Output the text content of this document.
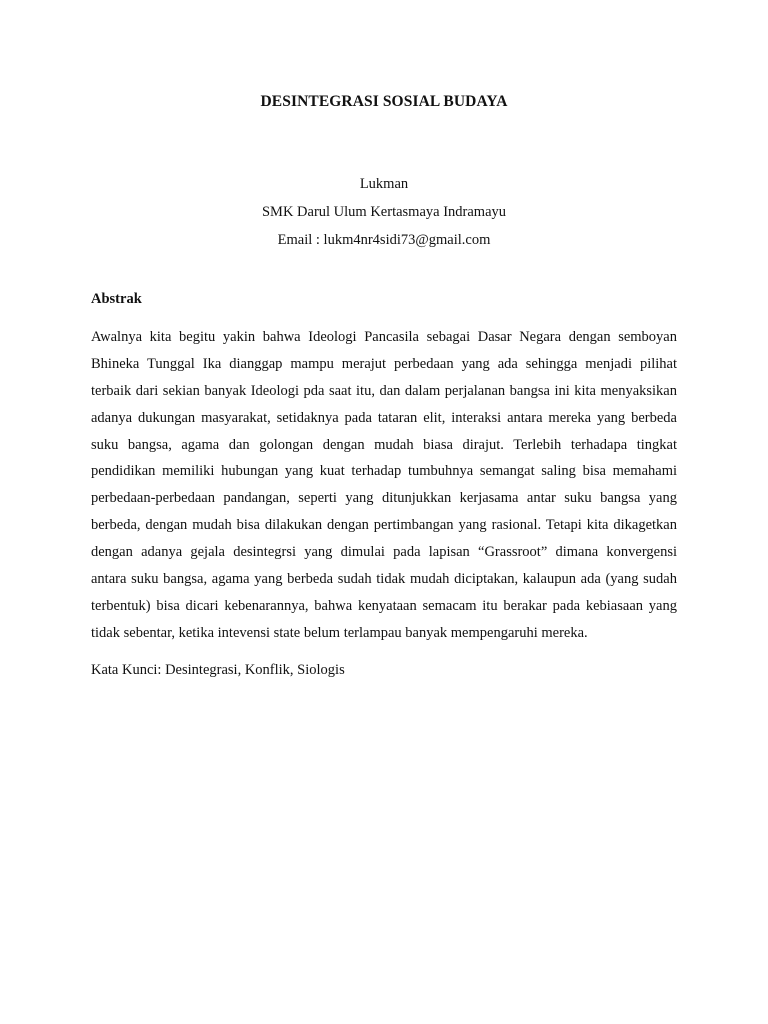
DESINTEGRASI SOSIAL BUDAYA
Lukman
SMK Darul Ulum Kertasmaya Indramayu
Email : lukm4nr4sidi73@gmail.com
Abstrak
Awalnya kita begitu yakin bahwa Ideologi Pancasila sebagai Dasar Negara dengan semboyan
Bhineka Tunggal Ika dianggap mampu merajut perbedaan yang ada sehingga menjadi pilihat
terbaik dari sekian banyak Ideologi pda saat itu, dan dalam perjalanan bangsa ini kita menyaksikan
adanya dukungan masyarakat, setidaknya pada tataran elit, interaksi antara mereka yang berbeda
suku bangsa, agama dan golongan dengan mudah biasa dirajut. Terlebih terhadapa tingkat
pendidikan memiliki hubungan yang kuat terhadap tumbuhnya semangat saling bisa memahami
perbedaan-perbedaan pandangan, seperti yang ditunjukkan kerjasama antar suku bangsa yang
berbeda, dengan mudah bisa dilakukan dengan pertimbangan yang rasional. Tetapi kita dikagetkan
dengan adanya gejala desintegrsi yang dimulai pada lapisan “Grassroot” dimana konvergensi
antara suku bangsa, agama yang berbeda sudah tidak mudah diciptakan, kalaupun ada (yang sudah
terbentuk) bisa dicari kebenarannya, bahwa kenyataan semacam itu berakar pada kebiasaan yang
tidak sebentar, ketika intevensi state belum terlampau banyak mempengaruhi mereka.
Kata Kunci: Desintegrasi, Konflik, Siologis
